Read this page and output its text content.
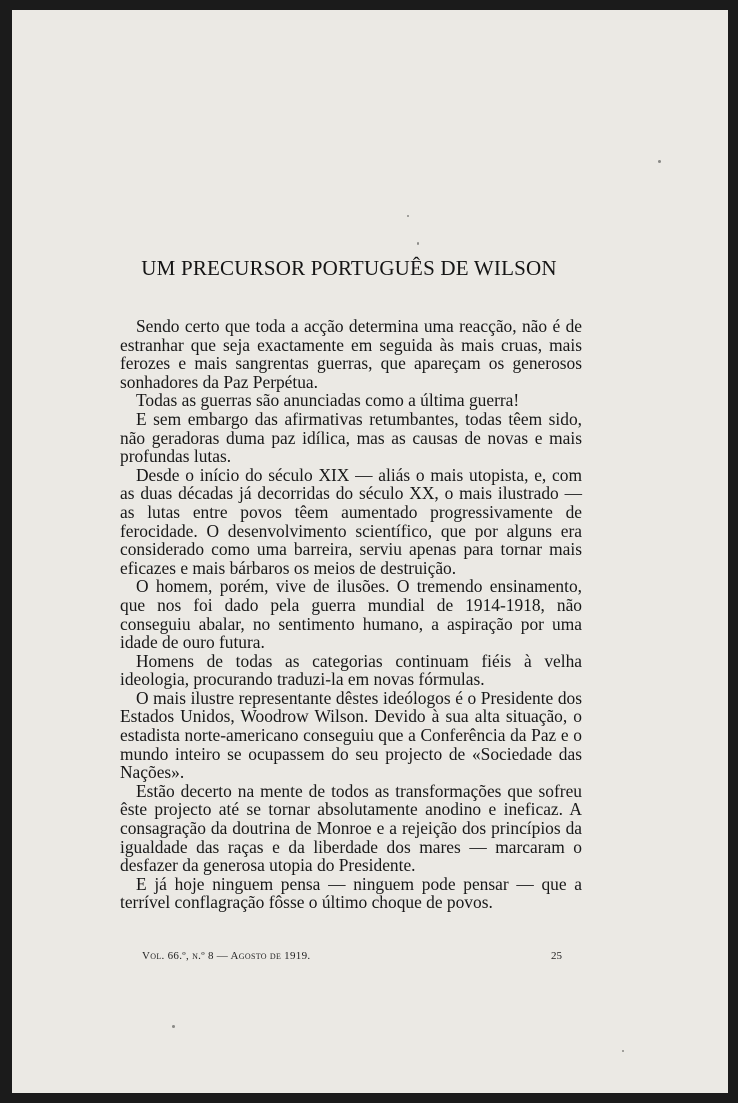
UM PRECURSOR PORTUGUÊS DE WILSON

Sendo certo que toda a acção determina uma reacção, não é de estranhar que seja exactamente em seguida às mais cruas, mais ferozes e mais sangrentas guerras, que apareçam os generosos sonhadores da Paz Perpétua.

Todas as guerras são anunciadas como a última guerra!

E sem embargo das afirmativas retumbantes, todas têem sido, não geradoras duma paz idílica, mas as causas de novas e mais profundas lutas.

Desde o início do século XIX — aliás o mais utopista, e, com as duas décadas já decorridas do século XX, o mais ilustrado — as lutas entre povos têem aumentado progressivamente de ferocidade. O desenvolvimento scientífico, que por alguns era considerado como uma barreira, serviu apenas para tornar mais eficazes e mais bárbaros os meios de destruição.

O homem, porém, vive de ilusões. O tremendo ensinamento, que nos foi dado pela guerra mundial de 1914-1918, não conseguiu abalar, no sentimento humano, a aspiração por uma idade de ouro futura.

Homens de todas as categorias continuam fiéis à velha ideologia, procurando traduzi-la em novas fórmulas.

O mais ilustre representante dêstes ideólogos é o Presidente dos Estados Unidos, Woodrow Wilson. Devido à sua alta situação, o estadista norte-americano conseguiu que a Conferência da Paz e o mundo inteiro se ocupassem do seu projecto de «Sociedade das Nações».

Estão decerto na mente de todos as transformações que sofreu êste projecto até se tornar absolutamente anodino e ineficaz. A consagração da doutrina de Monroe e a rejeição dos princípios da igualdade das raças e da liberdade dos mares — marcaram o desfazer da generosa utopia do Presidente.

E já hoje ninguem pensa — ninguem pode pensar — que a terrível conflagração fôsse o último choque de povos.

Vol. 66.º, n.º 8 — Agosto de 1919.	25
